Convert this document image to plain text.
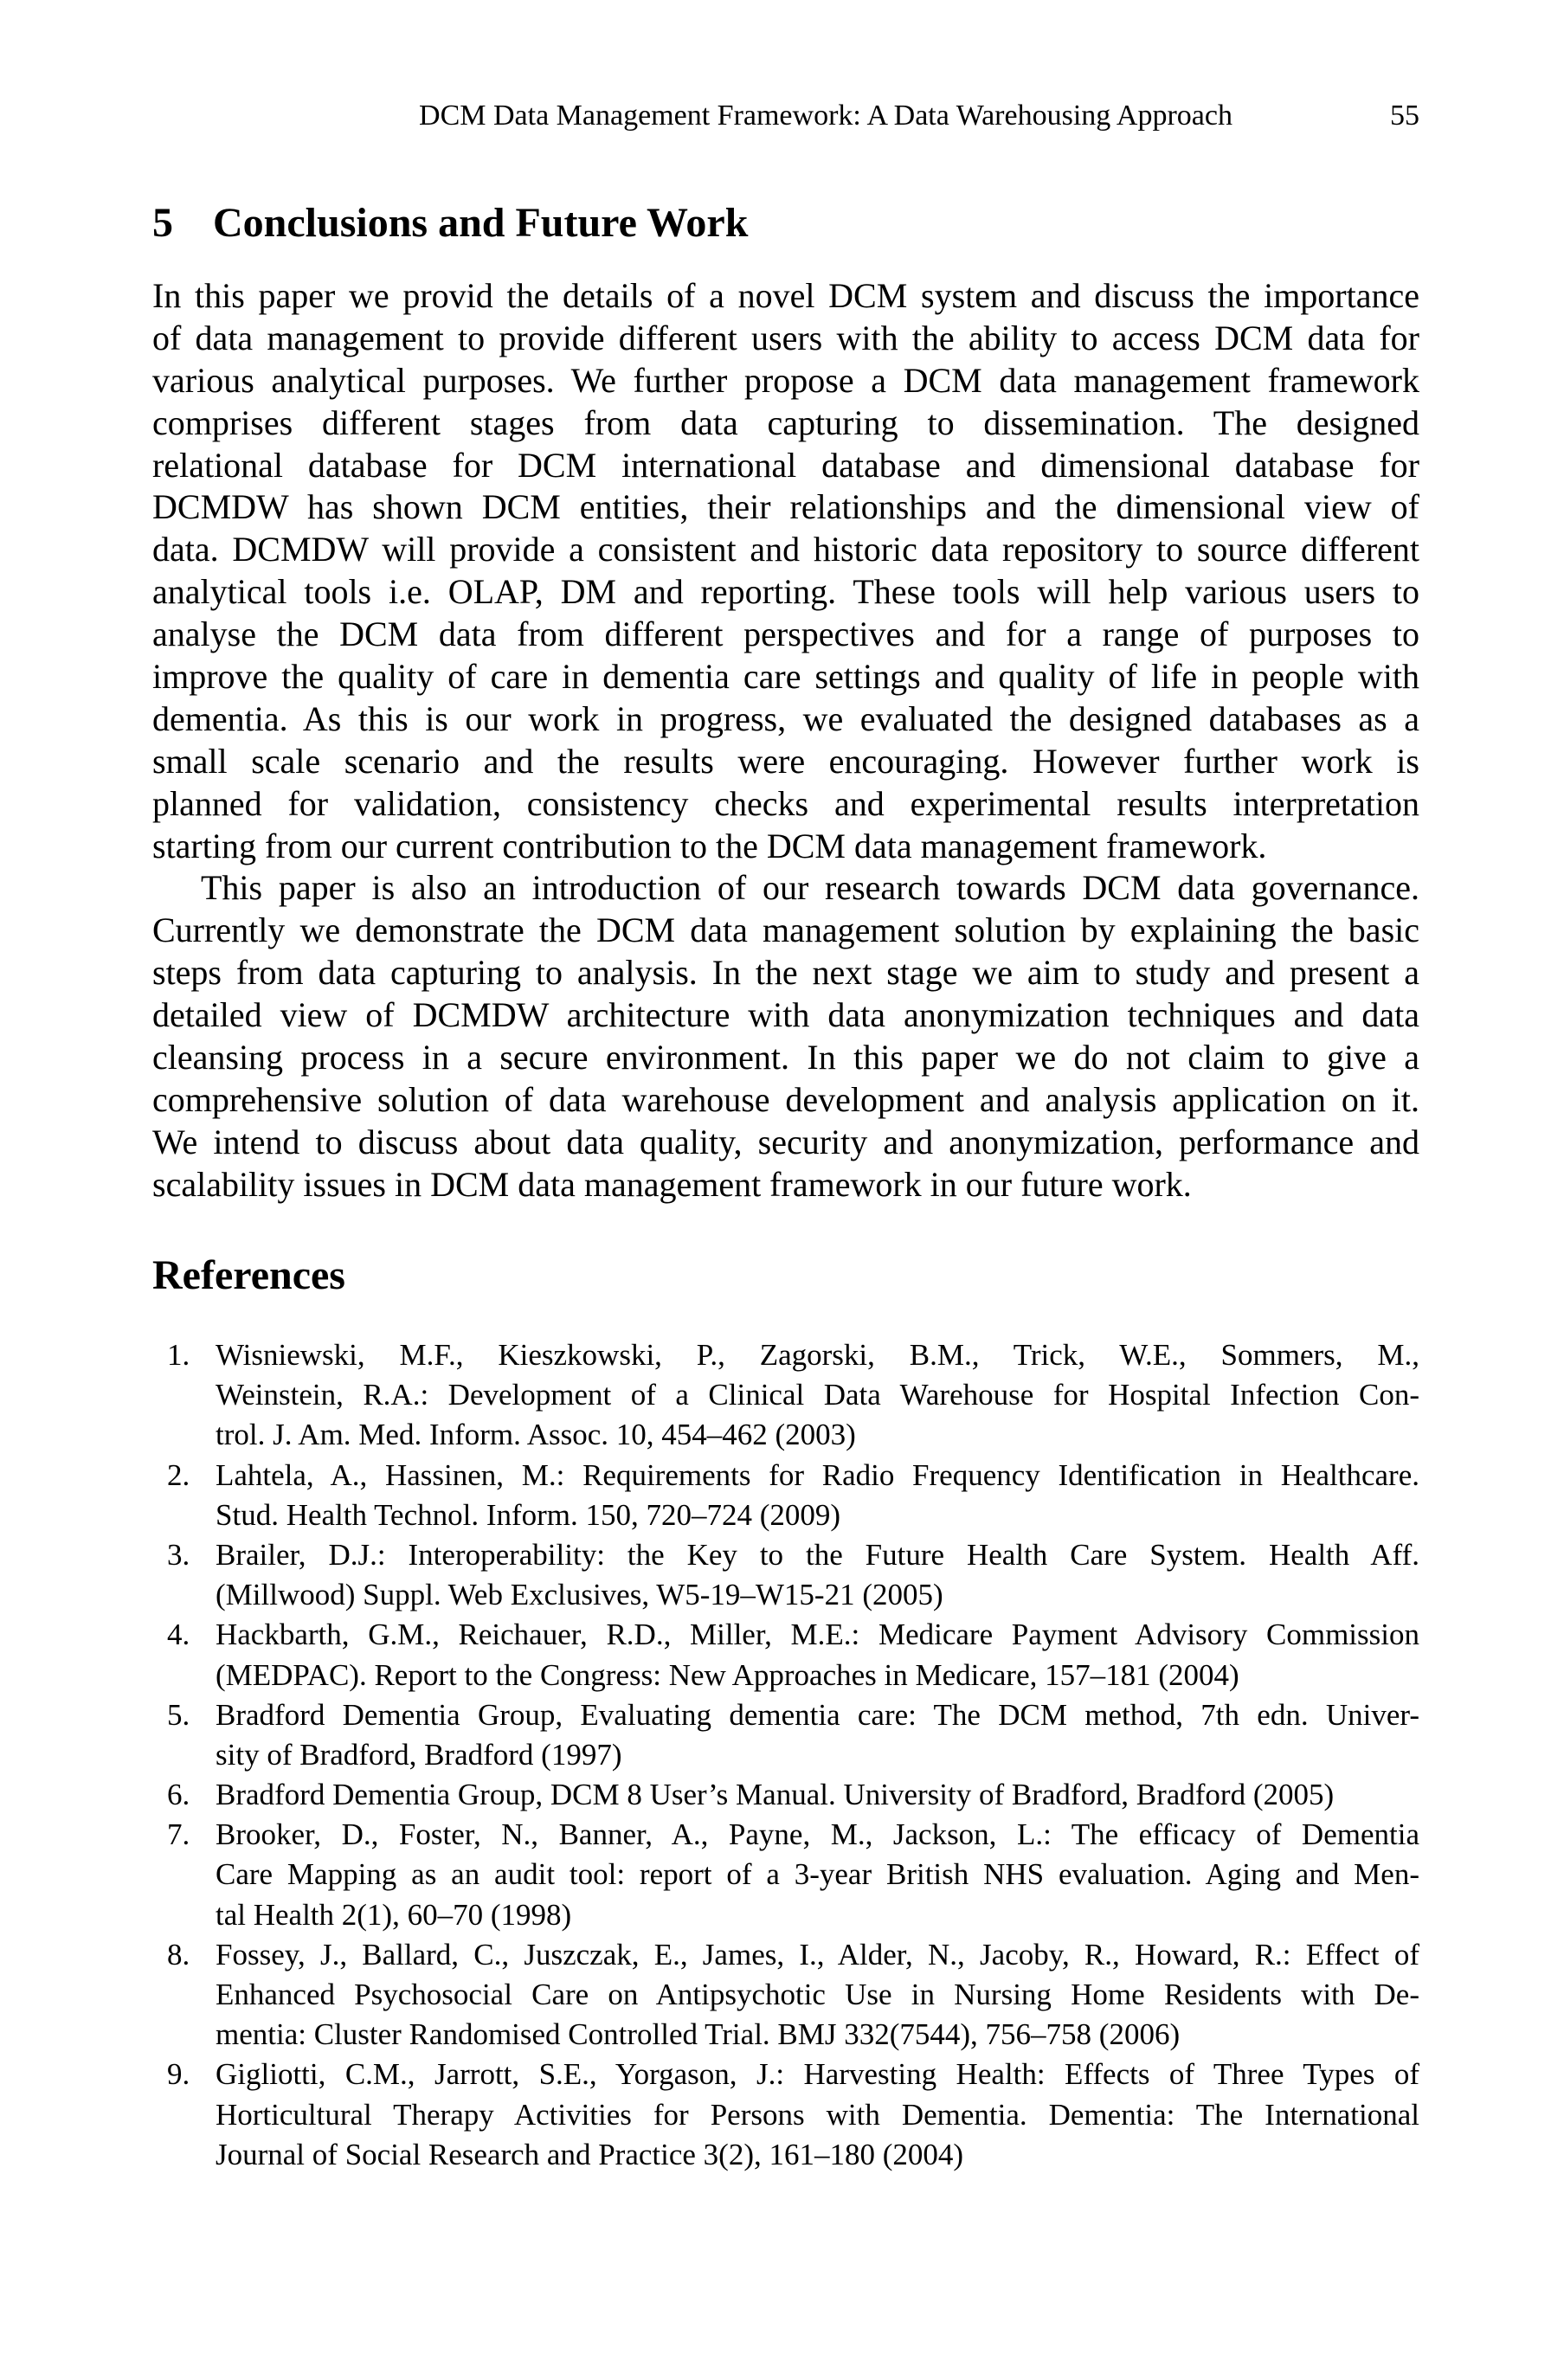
DCM Data Management Framework: A Data Warehousing Approach	55
5 Conclusions and Future Work
In this paper we provid the details of a novel DCM system and discuss the importance
of data management to provide different users with the ability to access DCM data for
various analytical purposes. We further propose a DCM data management framework
comprises different stages from data capturing to dissemination. The designed
relational database for DCM international database and dimensional database for
DCMDW has shown DCM entities, their relationships and the dimensional view of
data. DCMDW will provide a consistent and historic data repository to source different
analytical tools i.e. OLAP, DM and reporting. These tools will help various users to
analyse the DCM data from different perspectives and for a range of purposes to
improve the quality of care in dementia care settings and quality of life in people with
dementia. As this is our work in progress, we evaluated the designed databases as a
small scale scenario and the results were encouraging. However further work is
planned for validation, consistency checks and experimental results interpretation
starting from our current contribution to the DCM data management framework.
This paper is also an introduction of our research towards DCM data governance.
Currently we demonstrate the DCM data management solution by explaining the basic
steps from data capturing to analysis. In the next stage we aim to study and present a
detailed view of DCMDW architecture with data anonymization techniques and data
cleansing process in a secure environment. In this paper we do not claim to give a
comprehensive solution of data warehouse development and analysis application on it.
We intend to discuss about data quality, security and anonymization, performance and
scalability issues in DCM data management framework in our future work.
References
1. Wisniewski, M.F., Kieszkowski, P., Zagorski, B.M., Trick, W.E., Sommers, M.,
Weinstein, R.A.: Development of a Clinical Data Warehouse for Hospital Infection Con-
trol. J. Am. Med. Inform. Assoc. 10, 454–462 (2003)
2. Lahtela, A., Hassinen, M.: Requirements for Radio Frequency Identification in Healthcare.
Stud. Health Technol. Inform. 150, 720–724 (2009)
3. Brailer, D.J.: Interoperability: the Key to the Future Health Care System. Health Aff.
(Millwood) Suppl. Web Exclusives, W5-19–W15-21 (2005)
4. Hackbarth, G.M., Reichauer, R.D., Miller, M.E.: Medicare Payment Advisory Commission
(MEDPAC). Report to the Congress: New Approaches in Medicare, 157–181 (2004)
5. Bradford Dementia Group, Evaluating dementia care: The DCM method, 7th edn. Univer-
sity of Bradford, Bradford (1997)
6. Bradford Dementia Group, DCM 8 User’s Manual. University of Bradford, Bradford (2005)
7. Brooker, D., Foster, N., Banner, A., Payne, M., Jackson, L.: The efficacy of Dementia
Care Mapping as an audit tool: report of a 3-year British NHS evaluation. Aging and Men-
tal Health 2(1), 60–70 (1998)
8. Fossey, J., Ballard, C., Juszczak, E., James, I., Alder, N., Jacoby, R., Howard, R.: Effect of
Enhanced Psychosocial Care on Antipsychotic Use in Nursing Home Residents with De-
mentia: Cluster Randomised Controlled Trial. BMJ 332(7544), 756–758 (2006)
9. Gigliotti, C.M., Jarrott, S.E., Yorgason, J.: Harvesting Health: Effects of Three Types of
Horticultural Therapy Activities for Persons with Dementia. Dementia: The International
Journal of Social Research and Practice 3(2), 161–180 (2004)
